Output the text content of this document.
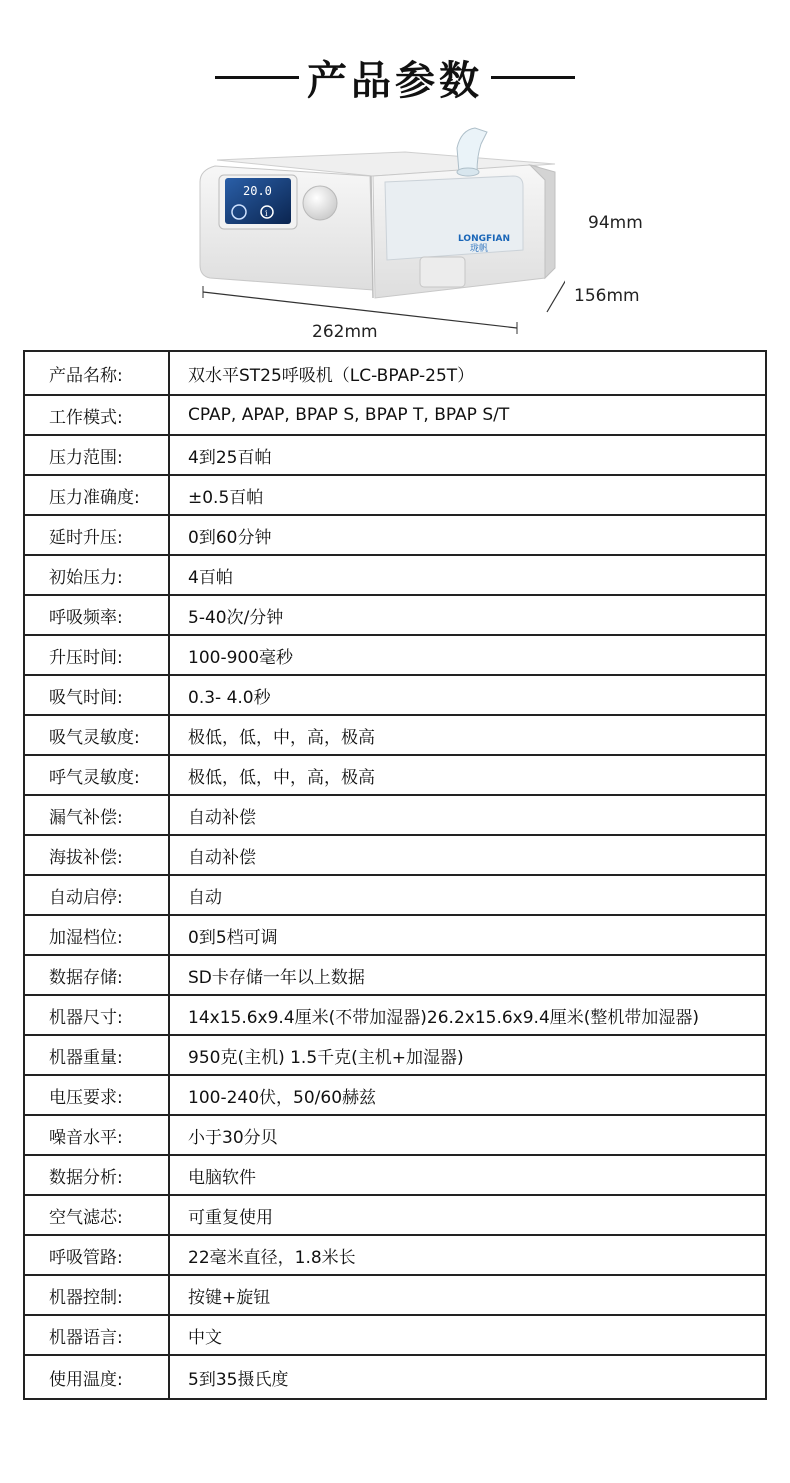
产品参数
20.0
i
LONGFIAN
珑帆
94mm
156mm
262mm
产品名称:	双水平ST25呼吸机（LC-BPAP-25T）
工作模式:	CPAP, APAP, BPAP S, BPAP T, BPAP S/T
压力范围:	4到25百帕
压力准确度:	±0.5百帕
延时升压:	0到60分钟
初始压力:	4百帕
呼吸频率:	5-40次/分钟
升压时间:	100-900毫秒
吸气时间:	0.3- 4.0秒
吸气灵敏度:	极低，低，中，高，极高
呼气灵敏度:	极低，低，中，高，极高
漏气补偿:	自动补偿
海拔补偿:	自动补偿
自动启停:	自动
加湿档位:	0到5档可调
数据存储:	SD卡存储一年以上数据
机器尺寸:	14x15.6x9.4厘米(不带加湿器)26.2x15.6x9.4厘米(整机带加湿器)
机器重量:	950克(主机) 1.5千克(主机+加湿器)
电压要求:	100-240伏，50/60赫兹
噪音水平:	小于30分贝
数据分析:	电脑软件
空气滤芯:	可重复使用
呼吸管路:	22毫米直径，1.8米长
机器控制:	按键+旋钮
机器语言:	中文
使用温度:	5到35摄氏度
